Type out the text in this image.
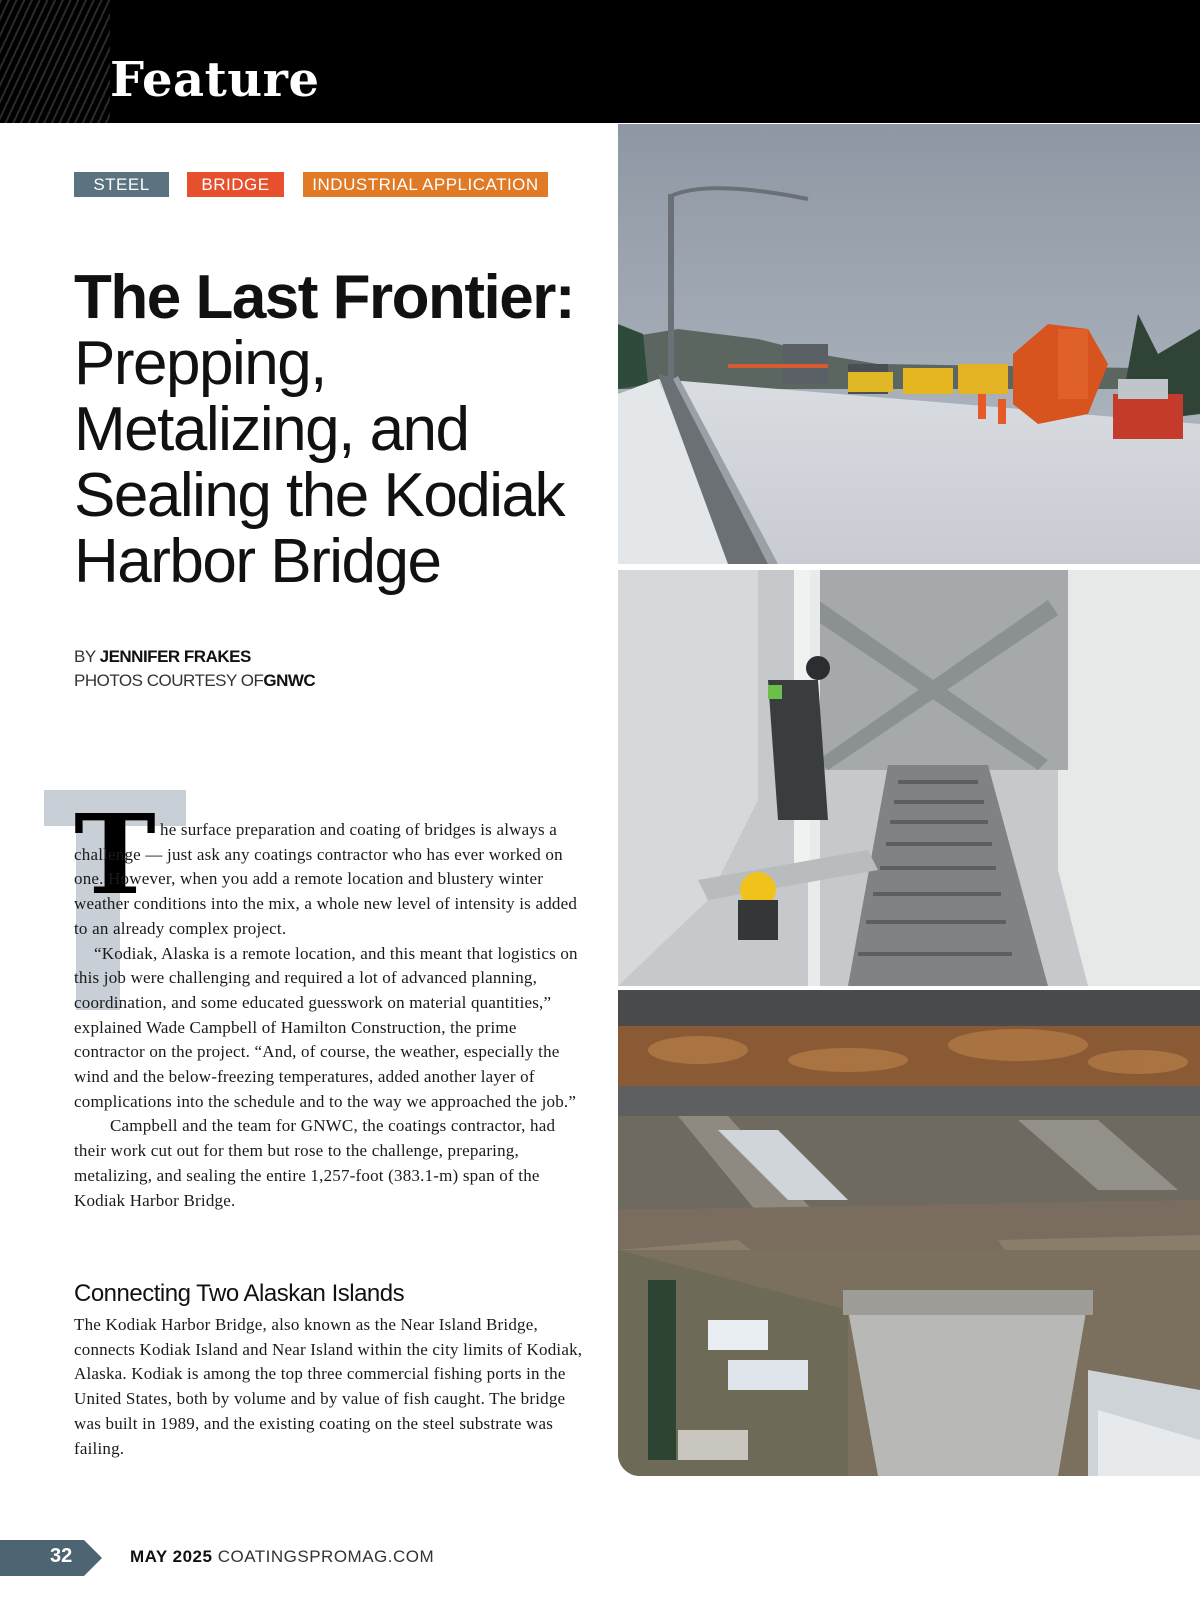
Feature
STEEL	BRIDGE	INDUSTRIAL APPLICATION
The Last Frontier:
Prepping, Metalizing, and Sealing the Kodiak Harbor Bridge
BY JENNIFER FRAKES
PHOTOS COURTESY OFGNWC
T he surface preparation and coating of bridges is always a challenge — just ask any coatings contractor who has ever worked on one. However, when you add a remote location and blustery winter weather conditions into the mix, a whole new level of intensity is added to an already complex project.

“Kodiak, Alaska is a remote location, and this meant that logistics on this job were challenging and required a lot of advanced planning, coordination, and some educated guesswork on material quantities,” explained Wade Campbell of Hamilton Construction, the prime contractor on the project. “And, of course, the weather, especially the wind and the below-freezing temperatures, added another layer of complications into the schedule and to the way we approached the job.”

Campbell and the team for GNWC, the coatings contractor, had their work cut out for them but rose to the challenge, preparing, metalizing, and sealing the entire 1,257-foot (383.1-m) span of the Kodiak Harbor Bridge.

Connecting Two Alaskan Islands

The Kodiak Harbor Bridge, also known as the Near Island Bridge, connects Kodiak Island and Near Island within the city limits of Kodiak, Alaska. Kodiak is among the top three commercial fishing ports in the United States, both by volume and by value of fish caught. The bridge was built in 1989, and the existing coating on the steel substrate was failing.

32	MAY 2025 COATINGSPROMAG.COM
